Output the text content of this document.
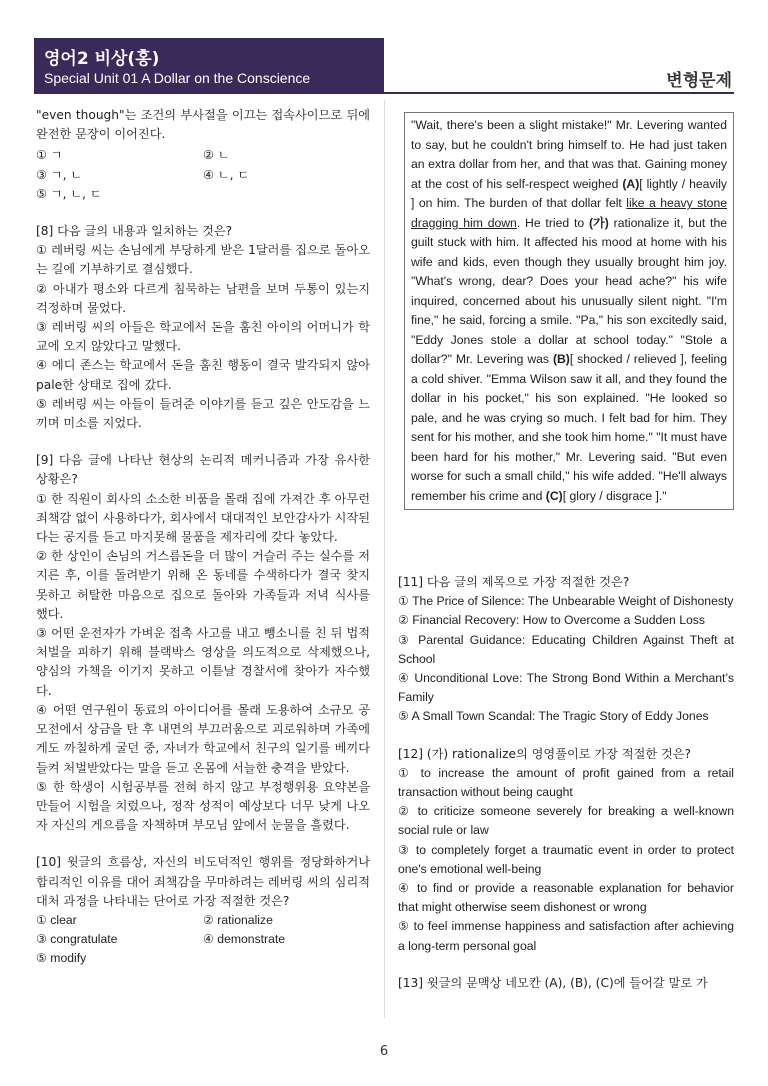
영어2 비상(홍)
Special Unit 01 A Dollar on the Conscience	변형문제

"even though"는 조건의 부사절을 이끄는 접속사이므로 뒤에 완전한 문장이 이어진다.

① ㄱ	② ㄴ
③ ㄱ, ㄴ	④ ㄴ, ㄷ
⑤ ㄱ, ㄴ, ㄷ

[8] 다음 글의 내용과 일치하는 것은?

① 레버링 씨는 손님에게 부당하게 받은 1달러를 집으로 돌아오는 길에 기부하기로 결심했다.

② 아내가 평소와 다르게 침묵하는 남편을 보며 두통이 있는지 걱정하며 물었다.

③ 레버링 씨의 아들은 학교에서 돈을 훔친 아이의 어머니가 학교에 오지 않았다고 말했다.

④ 에디 존스는 학교에서 돈을 훔친 행동이 결국 발각되지 않아 pale한 상태로 집에 갔다.

⑤ 레버링 씨는 아들이 들려준 이야기를 듣고 깊은 안도감을 느끼며 미소를 지었다.

[9] 다음 글에 나타난 현상의 논리적 메커니즘과 가장 유사한 상황은?

① 한 직원이 회사의 소소한 비품을 몰래 집에 가져간 후 아무런 죄책감 없이 사용하다가, 회사에서 대대적인 보안감사가 시작된다는 공지를 듣고 마지못해 물품을 제자리에 갖다 놓았다.

② 한 상인이 손님의 거스름돈을 더 많이 거슬러 주는 실수를 저지른 후, 이를 돌려받기 위해 온 동네를 수색하다가 결국 찾지 못하고 허탈한 마음으로 집으로 돌아와 가족들과 저녁 식사를 했다.

③ 어떤 운전자가 가벼운 접촉 사고를 내고 뺑소니를 친 뒤 법적 처벌을 피하기 위해 블랙박스 영상을 의도적으로 삭제했으나, 양심의 가책을 이기지 못하고 이튿날 경찰서에 찾아가 자수했다.

④ 어떤 연구원이 동료의 아이디어를 몰래 도용하여 소규모 공모전에서 상금을 탄 후 내면의 부끄러움으로 괴로워하며 가족에게도 까칠하게 굴던 중, 자녀가 학교에서 친구의 일기를 베끼다 들켜 처벌받았다는 말을 듣고 온몸에 서늘한 충격을 받았다.

⑤ 한 학생이 시험공부를 전혀 하지 않고 부정행위용 요약본을 만들어 시험을 치렀으나, 정작 성적이 예상보다 너무 낮게 나오자 자신의 게으름을 자책하며 부모님 앞에서 눈물을 흘렸다.

[10] 윗글의 흐름상, 자신의 비도덕적인 행위를 정당화하거나 합리적인 이유를 대어 죄책감을 무마하려는 레버링 씨의 심리적 대처 과정을 나타내는 단어로 가장 적절한 것은?

① clear	② rationalize
③ congratulate	④ demonstrate
⑤ modify
"Wait, there's been a slight mistake!" Mr. Levering wanted to say, but he couldn't bring himself to. He had just taken an extra dollar from her, and that was that. Gaining money at the cost of his self-respect weighed (A)[ lightly / heavily ] on him. The burden of that dollar felt like a heavy stone dragging him down. He tried to (가) rationalize it, but the guilt stuck with him. It affected his mood at home with his wife and kids, even though they usually brought him joy. "What's wrong, dear? Does your head ache?" his wife inquired, concerned about his unusually silent night. "I'm fine," he said, forcing a smile. "Pa," his son excitedly said, "Eddy Jones stole a dollar at school today." "Stole a dollar?" Mr. Levering was (B)[ shocked / relieved ], feeling a cold shiver. "Emma Wilson saw it all, and they found the dollar in his pocket," his son explained. "He looked so pale, and he was crying so much. I felt bad for him. They sent for his mother, and she took him home." "It must have been hard for his mother," Mr. Levering said. "But even worse for such a small child," his wife added. "He'll always remember his crime and (C)[ glory / disgrace ]."

[11] 다음 글의 제목으로 가장 적절한 것은?

① The Price of Silence: The Unbearable Weight of Dishonesty

② Financial Recovery: How to Overcome a Sudden Loss

③ Parental Guidance: Educating Children Against Theft at School

④ Unconditional Love: The Strong Bond Within a Merchant’s Family

⑤ A Small Town Scandal: The Tragic Story of Eddy Jones

[12] (가) rationalize의 영영풀이로 가장 적절한 것은?

① to increase the amount of profit gained from a retail transaction without being caught

② to criticize someone severely for breaking a well-known social rule or law

③ to completely forget a traumatic event in order to protect one's emotional well-being

④ to find or provide a reasonable explanation for behavior that might otherwise seem dishonest or wrong

⑤ to feel immense happiness and satisfaction after achieving a long-term personal goal

[13] 윗글의 문맥상 네모칸 (A), (B), (C)에 들어갈 말로 가

6
